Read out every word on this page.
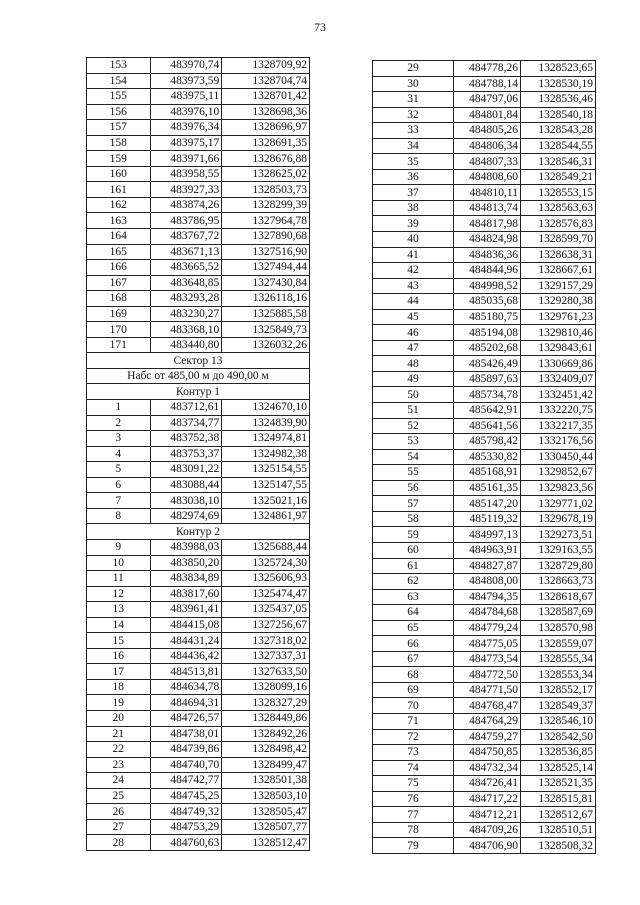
73
153	483970,74	1328709,92
154	483973,59	1328704,74
155	483975,11	1328701,42
156	483976,10	1328698,36
157	483976,34	1328696,97
158	483975,17	1328691,35
159	483971,66	1328676,88
160	483958,55	1328625,02
161	483927,33	1328503,73
162	483874,26	1328299,39
163	483786,95	1327964,78
164	483767,72	1327890,68
165	483671,13	1327516,90
166	483665,52	1327494,44
167	483648,85	1327430,84
168	483293,28	1326118,16
169	483230,27	1325885,58
170	483368,10	1325849,73
171	483440,80	1326032,26
Сектор 13		
Набс от 485,00 м до 490,00 м		
Контур 1		
1	483712,61	1324670,10
2	483734,77	1324839,90
3	483752,38	1324974,81
4	483753,37	1324982,38
5	483091,22	1325154,55
6	483088,44	1325147,55
7	483038,10	1325021,16
8	482974,69	1324861,97
Контур 2		
9	483988,03	1325688,44
10	483850,20	1325724,30
11	483834,89	1325606,93
12	483817,60	1325474,47
13	483961,41	1325437,05
14	484415,08	1327256,67
15	484431,24	1327318,02
16	484436,42	1327337,31
17	484513,81	1327633,50
18	484634,78	1328099,16
19	484694,31	1328327,29
20	484726,57	1328449,86
21	484738,01	1328492,26
22	484739,86	1328498,42
23	484740,70	1328499,47
24	484742,77	1328501,38
25	484745,25	1328503,10
26	484749,32	1328505,47
27	484753,29	1328507,77
28	484760,63	1328512,47
29	484778,26	1328523,65
30	484788,14	1328530,19
31	484797,06	1328536,46
32	484801,84	1328540,18
33	484805,26	1328543,28
34	484806,34	1328544,55
35	484807,33	1328546,31
36	484808,60	1328549,21
37	484810,11	1328553,15
38	484813,74	1328563,63
39	484817,98	1328576,83
40	484824,98	1328599,70
41	484836,36	1328638,31
42	484844,96	1328667,61
43	484998,52	1329157,29
44	485035,68	1329280,38
45	485180,75	1329761,23
46	485194,08	1329810,46
47	485202,68	1329843,61
48	485426,49	1330669,86
49	485897,63	1332409,07
50	485734,78	1332451,42
51	485642,91	1332220,75
52	485641,56	1332217,35
53	485798,42	1332176,56
54	485330,82	1330450,44
55	485168,91	1329852,67
56	485161,35	1329823,56
57	485147,20	1329771,02
58	485119,32	1329678,19
59	484997,13	1329273,51
60	484963,91	1329163,55
61	484827,87	1328729,80
62	484808,00	1328663,73
63	484794,35	1328618,67
64	484784,68	1328587,69
65	484779,24	1328570,98
66	484775,05	1328559,07
67	484773,54	1328555,34
68	484772,50	1328553,34
69	484771,50	1328552,17
70	484768,47	1328549,37
71	484764,29	1328546,10
72	484759,27	1328542,50
73	484750,85	1328536,85
74	484732,34	1328525,14
75	484726,41	1328521,35
76	484717,22	1328515,81
77	484712,21	1328512,67
78	484709,26	1328510,51
79	484706,90	1328508,32
